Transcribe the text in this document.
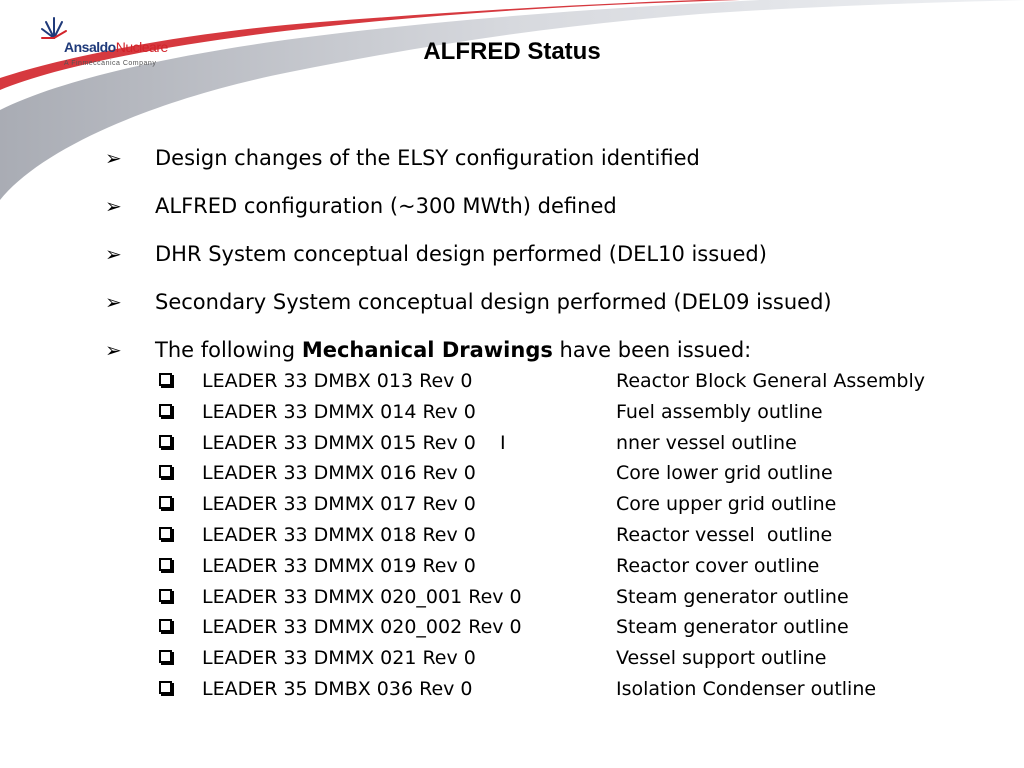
AnsaldoNucleare
A Finmeccanica Company	ALFRED Status
➢ Design changes of the ELSY configuration identified
➢ ALFRED configuration (~300 MWth) defined
➢ DHR System conceptual design performed (DEL10 issued)
➢ Secondary System conceptual design performed (DEL09 issued)
➢ The following Mechanical Drawings have been issued:
LEADER 33 DMBX 013 Rev 0	Reactor Block General Assembly
LEADER 33 DMMX 014 Rev 0	Fuel assembly outline
LEADER 33 DMMX 015 Rev 0    I	nner vessel outline
LEADER 33 DMMX 016 Rev 0	Core lower grid outline
LEADER 33 DMMX 017 Rev 0	Core upper grid outline
LEADER 33 DMMX 018 Rev 0	Reactor vessel  outline
LEADER 33 DMMX 019 Rev 0	Reactor cover outline
LEADER 33 DMMX 020_001 Rev 0	Steam generator outline
LEADER 33 DMMX 020_002 Rev 0	Steam generator outline
LEADER 33 DMMX 021 Rev 0	Vessel support outline
LEADER 35 DMBX 036 Rev 0	Isolation Condenser outline
